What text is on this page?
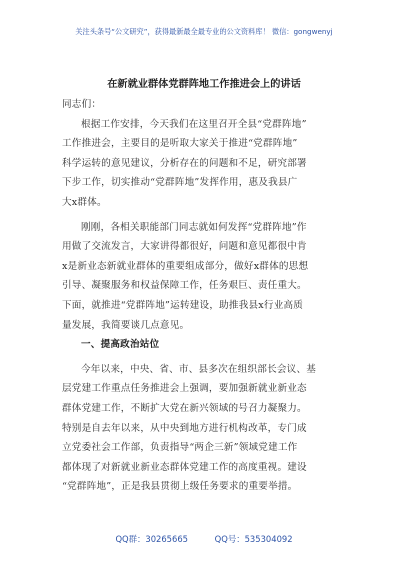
关注头条号“公文研究”，获得最新最全最专业的公文资料库！ 微信：gongwenyj
在新就业群体党群阵地工作推进会上的讲话
同志们：
根据工作安排，今天我们在这里召开全县“党群阵地”
工作推进会，主要目的是听取大家关于推进“党群阵地”
科学运转的意见建议，分析存在的问题和不足，研究部署
下步工作，切实推动“党群阵地”发挥作用，惠及我县广
大x群体。
刚刚，各相关职能部门同志就如何发挥“党群阵地”作
用做了交流发言，大家讲得都很好，问题和意见都很中肯
x是新业态新就业群体的重要组成部分，做好x群体的思想
引导、凝聚服务和权益保障工作，任务艰巨、责任重大。
下面，就推进“党群阵地”运转建设，助推我县x行业高质
量发展，我简要谈几点意见。
一、提高政治站位
今年以来，中央、省、市、县多次在组织部长会议、基
层党建工作重点任务推进会上强调，要加强新就业新业态
群体党建工作，不断扩大党在新兴领域的号召力凝聚力。
特别是自去年以来，从中央到地方进行机构改革，专门成
立党委社会工作部，负责指导“两企三新”领域党建工作
都体现了对新就业新业态群体党建工作的高度重视。建设
“党群阵地”，正是我县贯彻上级任务要求的重要举措。
QQ群：30265665	QQ号：535304092
